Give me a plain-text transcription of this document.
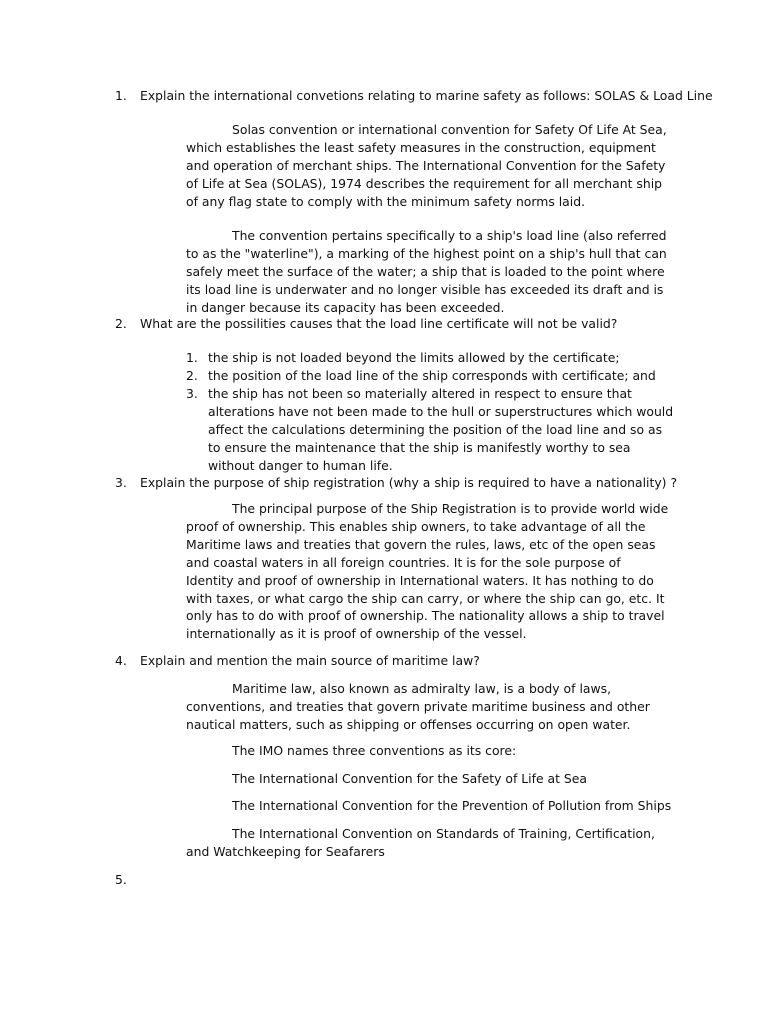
1. Explain the international convetions relating to marine safety as follows: SOLAS & Load Line

Solas convention or international convention for Safety Of Life At Sea, which establishes the least safety measures in the construction, equipment and operation of merchant ships. The International Convention for the Safety of Life at Sea (SOLAS), 1974 describes the requirement for all merchant ship of any flag state to comply with the minimum safety norms laid.

The convention pertains specifically to a ship's load line (also referred to as the "waterline"), a marking of the highest point on a ship's hull that can safely meet the surface of the water; a ship that is loaded to the point where its load line is underwater and no longer visible has exceeded its draft and is in danger because its capacity has been exceeded.

2. What are the possilities causes that the load line certificate will not be valid?
1. the ship is not loaded beyond the limits allowed by the certificate;
2. the position of the load line of the ship corresponds with certificate; and
3. the ship has not been so materially altered in respect to ensure that alterations have not been made to the hull or superstructures which would affect the calculations determining the position of the load line and so as to ensure the maintenance that the ship is manifestly worthy to sea without danger to human life.
3. Explain the purpose of ship registration (why a ship is required to have a nationality) ?

The principal purpose of the Ship Registration is to provide world wide proof of ownership. This enables ship owners, to take advantage of all the Maritime laws and treaties that govern the rules, laws, etc of the open seas and coastal waters in all foreign countries. It is for the sole purpose of Identity and proof of ownership in International waters. It has nothing to do with taxes, or what cargo the ship can carry, or where the ship can go, etc. It only has to do with proof of ownership. The nationality allows a ship to travel internationally as it is proof of ownership of the vessel.

4. Explain and mention the main source of maritime law?

Maritime law, also known as admiralty law, is a body of laws, conventions, and treaties that govern private maritime business and other nautical matters, such as shipping or offenses occurring on open water.

The IMO names three conventions as its core:
The International Convention for the Safety of Life at Sea
The International Convention for the Prevention of Pollution from Ships

The International Convention on Standards of Training, Certification, and Watchkeeping for Seafarers

5.
